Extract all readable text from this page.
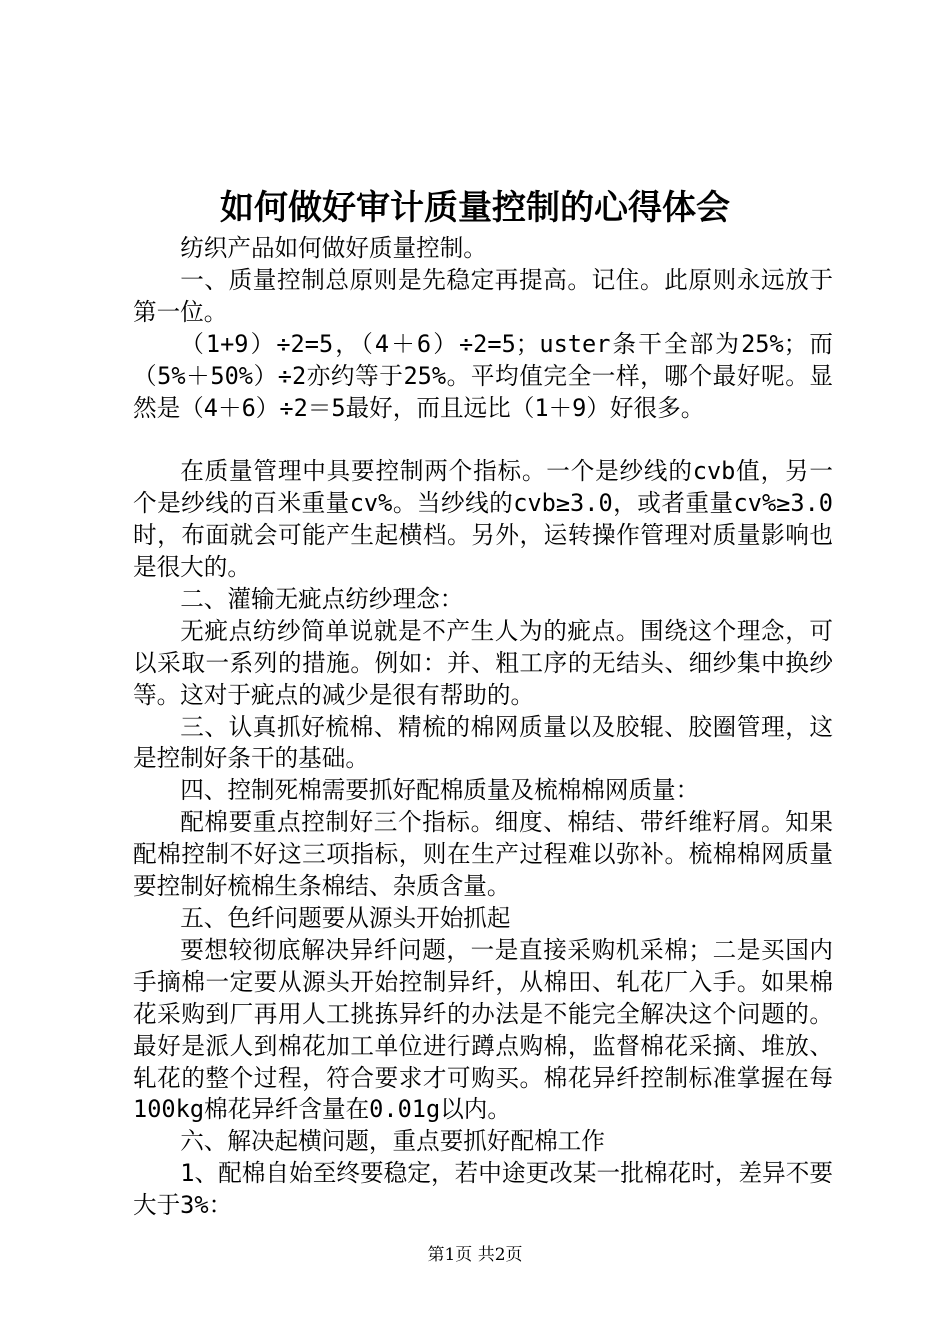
如何做好审计质量控制的心得体会

纺织产品如何做好质量控制。

一、质量控制总原则是先稳定再提高。记住。此原则永远放于第一位。

（1+9）÷2=5，（4＋6）÷2=5；uster条干全部为25%；而（5%＋50%）÷2亦约等于25%。平均值完全一样，哪个最好呢。显然是（4＋6）÷2＝5最好，而且远比（1＋9）好很多。

在质量管理中具要控制两个指标。一个是纱线的cvb值，另一个是纱线的百米重量cv%。当纱线的cvb≥3.0，或者重量cv%≥3.0时，布面就会可能产生起横档。另外，运转操作管理对质量影响也是很大的。

二、灌输无疵点纺纱理念：

无疵点纺纱简单说就是不产生人为的疵点。围绕这个理念，可以采取一系列的措施。例如：并、粗工序的无结头、细纱集中换纱等。这对于疵点的减少是很有帮助的。

三、认真抓好梳棉、精梳的棉网质量以及胶辊、胶圈管理，这是控制好条干的基础。

四、控制死棉需要抓好配棉质量及梳棉棉网质量：

配棉要重点控制好三个指标。细度、棉结、带纤维籽屑。知果配棉控制不好这三项指标，则在生产过程难以弥补。梳棉棉网质量要控制好梳棉生条棉结、杂质含量。

五、色纤问题要从源头开始抓起

要想较彻底解决异纤问题，一是直接采购机采棉；二是买国内手摘棉一定要从源头开始控制异纤，从棉田、轧花厂入手。如果棉花采购到厂再用人工挑拣异纤的办法是不能完全解决这个问题的。最好是派人到棉花加工单位进行蹲点购棉，监督棉花采摘、堆放、轧花的整个过程，符合要求才可购买。棉花异纤控制标准掌握在每100kg棉花异纤含量在0.01g以内。

六、解决起横问题，重点要抓好配棉工作

1、配棉自始至终要稳定，若中途更改某一批棉花时，差异不要大于3%：

第1页 共2页
